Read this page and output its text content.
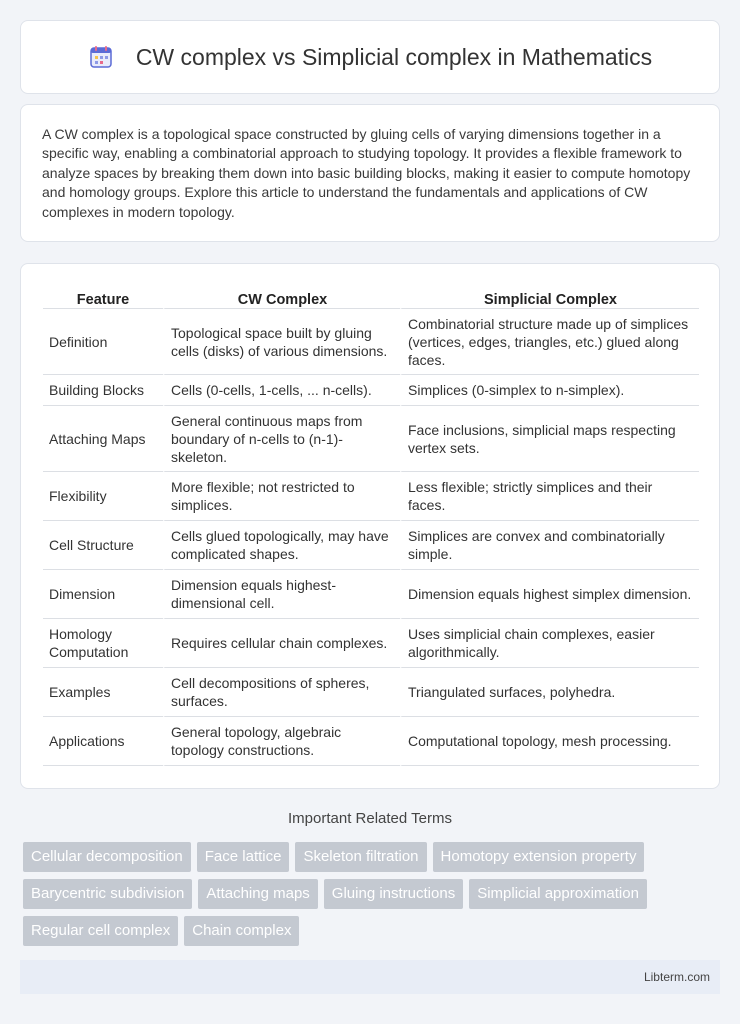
CW complex vs Simplicial complex in Mathematics

A CW complex is a topological space constructed by gluing cells of varying dimensions together in a specific way, enabling a combinatorial approach to studying topology. It provides a flexible framework to analyze spaces by breaking them down into basic building blocks, making it easier to compute homotopy and homology groups. Explore this article to understand the fundamentals and applications of CW complexes in modern topology.

Feature	CW Complex	Simplicial Complex
Definition	Topological space built by gluing cells (disks) of various dimensions.	Combinatorial structure made up of simplices (vertices, edges, triangles, etc.) glued along faces.
Building Blocks	Cells (0-cells, 1-cells, ... n-cells).	Simplices (0-simplex to n-simplex).
Attaching Maps	General continuous maps from boundary of n-cells to (n-1)-skeleton.	Face inclusions, simplicial maps respecting vertex sets.
Flexibility	More flexible; not restricted to simplices.	Less flexible; strictly simplices and their faces.
Cell Structure	Cells glued topologically, may have complicated shapes.	Simplices are convex and combinatorially simple.
Dimension	Dimension equals highest-dimensional cell.	Dimension equals highest simplex dimension.
Homology Computation	Requires cellular chain complexes.	Uses simplicial chain complexes, easier algorithmically.
Examples	Cell decompositions of spheres, surfaces.	Triangulated surfaces, polyhedra.
Applications	General topology, algebraic topology constructions.	Computational topology, mesh processing.
Important Related Terms
Cellular decomposition	Face lattice	Skeleton filtration	Homotopy extension property
Barycentric subdivision	Attaching maps	Gluing instructions	Simplicial approximation
Regular cell complex	Chain complex
Libterm.com
